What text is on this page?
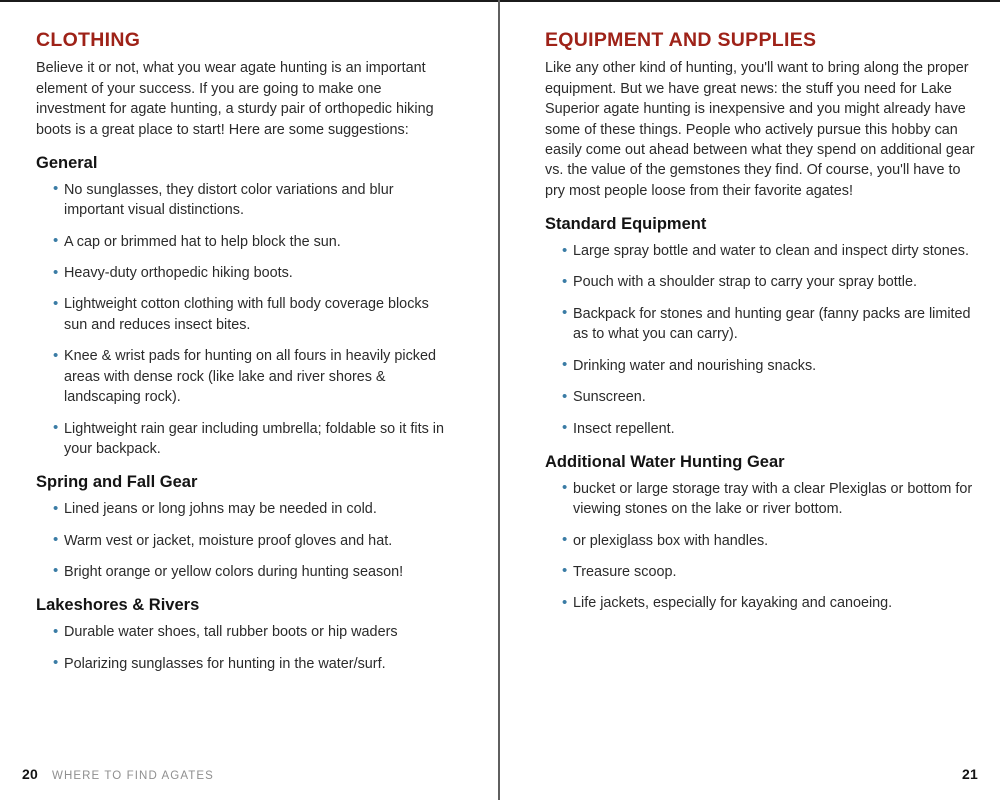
CLOTHING

Believe it or not, what you wear agate hunting is an important element of your success. If you are going to make one investment for agate hunting, a sturdy pair of orthopedic hiking boots is a great place to start! Here are some suggestions:

General
• No sunglasses, they distort color variations and blur important visual distinctions.
• A cap or brimmed hat to help block the sun.
• Heavy-duty orthopedic hiking boots.
• Lightweight cotton clothing with full body coverage blocks sun and reduces insect bites.
• Knee & wrist pads for hunting on all fours in heavily picked areas with dense rock (like lake and river shores & landscaping rock).
• Lightweight rain gear including umbrella; foldable so it fits in your backpack.
Spring and Fall Gear
• Lined jeans or long johns may be needed in cold.
• Warm vest or jacket, moisture proof gloves and hat.
• Bright orange or yellow colors during hunting season!
Lakeshores & Rivers
• Durable water shoes, tall rubber boots or hip waders
• Polarizing sunglasses for hunting in the water/surf.
20 WHERE TO FIND AGATES
EQUIPMENT AND SUPPLIES

Like any other kind of hunting, you'll want to bring along the proper equipment. But we have great news: the stuff you need for Lake Superior agate hunting is inexpensive and you might already have some of these things. People who actively pursue this hobby can easily come out ahead between what they spend on additional gear vs. the value of the gemstones they find. Of course, you'll have to pry most people loose from their favorite agates!

Standard Equipment
• Large spray bottle and water to clean and inspect dirty stones.
• Pouch with a shoulder strap to carry your spray bottle.
• Backpack for stones and hunting gear (fanny packs are limited as to what you can carry).
• Drinking water and nourishing snacks.
• Sunscreen.
• Insect repellent.
Additional Water Hunting Gear
• bucket or large storage tray with a clear Plexiglas or bottom for viewing stones on the lake or river bottom.
• or plexiglass box with handles.
• Treasure scoop.
• Life jackets, especially for kayaking and canoeing.
21
